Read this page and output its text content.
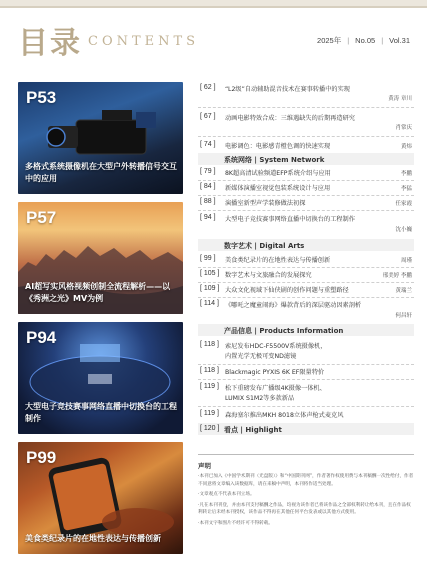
目录 CONTENTS	2025年 | No.05 | Vol.31
P53
多格式系统摄像机在大型户外转播信号交互中的应用
P57
AI超写实风格视频创制全流程解析——以《秀洲之光》MV为例
P94
大型电子竞技赛事网络直播中切换台的工程制作
P99
美食类纪录片的在地性表达与传播创新
[ 62 ] “L2级”自动辅助混音技术在赛事转播中的实现
黄涛 章川
[ 67 ] 动画电影特效合成：三维遇缺失的后期再造研究
肖常庆
[ 74 ] 电影调色：电影感青橙色调的快速实现	黄炜
系统网络 | System Network
[ 79 ] 8K超高清试验频道EFP系统介绍与应用	李鹏
[ 84 ] 新媒体演播室视觉包装系统设计与应用	李猛
[ 88 ] 演播室新型声学装修做法初探	任家霞
[ 94 ] 大型电子竞技赛事网络直播中切换台的工程制作
沈小巍
数字艺术 | Digital Arts
[ 99 ] 美食类纪录片的在地性表达与传播创新	周瑾
[ 105 ] 数字艺术与文旅融合的发展探究	邢美婷 李鹏
[ 109 ] 大众文化视域下仙侠剧的创作问题与重塑路径	黄瑞兰
[ 114 ] 《哪吒之魔童闹海》爆款背后的深层驱动因素剖析
何昌轩
产品信息 | Products Information
[ 118 ] 索尼发布HDC-F5500V系统摄像机，
内置光学无极可变ND滤镜
[ 118 ] Blackmagic PYXIS 6K EF限量特价
[ 119 ] 松下重磅发布广播级4K摄像一体机、
LUMIX S1M2等多款新品
[ 119 ] 森海塞尔推出MKH 8018立体声枪式麦克风
[ 120 ] 看点 | Highlight
声明

·本刊已加入《中国学术期刊（光盘版）》和“中国期刊网”，作者著作权使用费与本刊稿酬一次性给付，作者不同意将文章编入该数据库，请在来稿中声明，本刊将作适当处理。

·文章观点不代表本刊立场。

·凡在本刊刊登，并由本刊支付稿酬之作品，均视为该作者已将该作品之全部权利转让给本刊，且在作品权利转让后未经本刊授权，该作品不得再在其他任何平台发表或以其他方式使用。

·本刊文字和图片不经许可不得转载。
